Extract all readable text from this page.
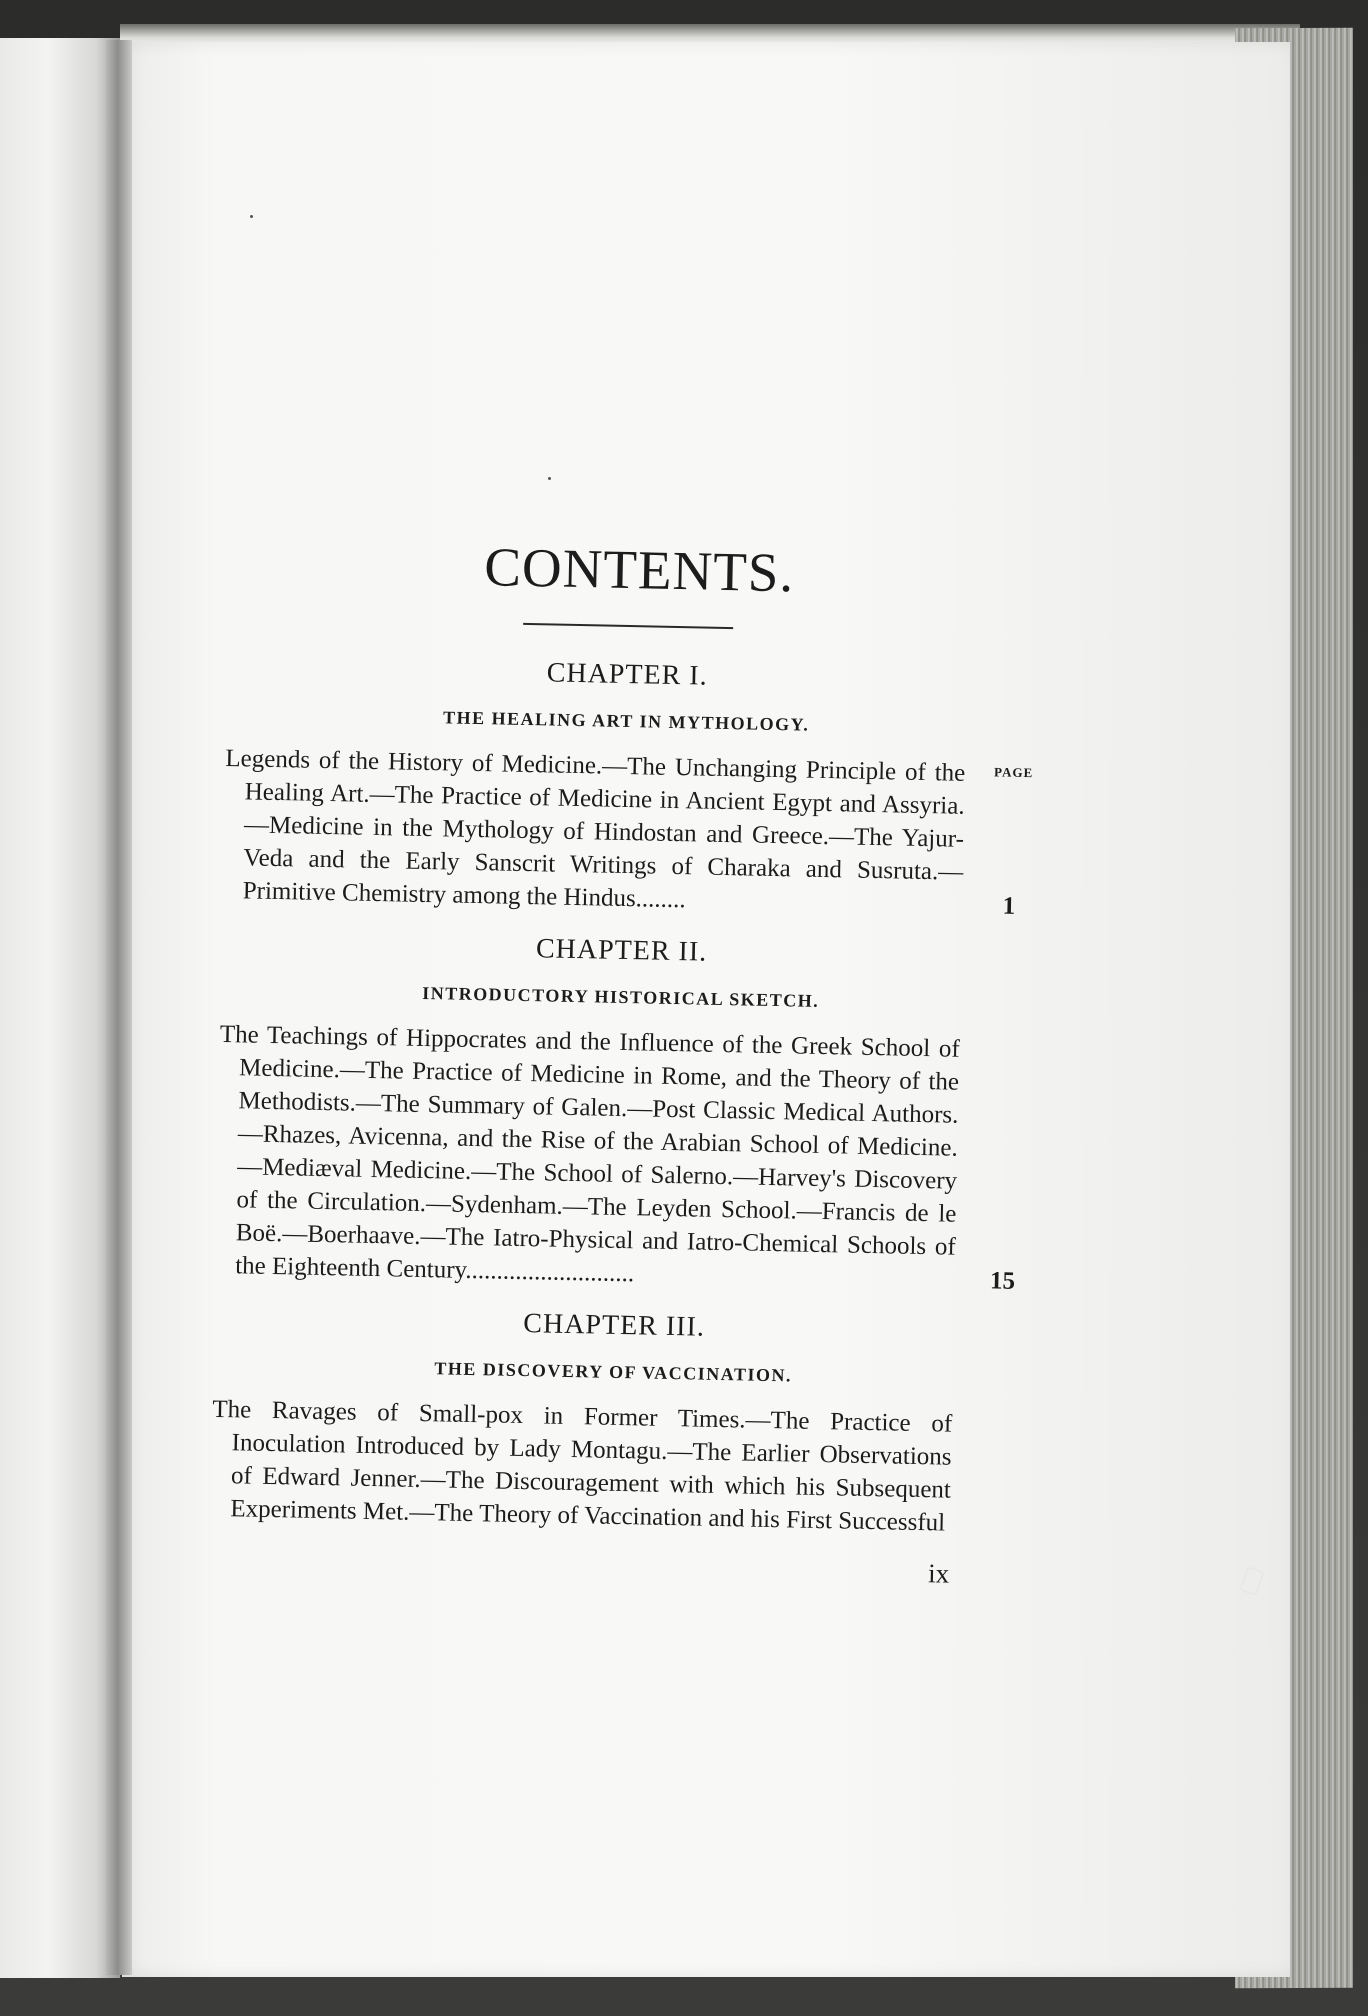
CONTENTS.
CHAPTER I.
THE HEALING ART IN MYTHOLOGY.
PAGE
Legends of the History of Medicine.—The Unchanging Principle of the Healing Art.—The Practice of Medicine in Ancient Egypt and Assyria.—Medicine in the Mythology of Hindostan and Greece.—The Yajur-Veda and the Early Sanscrit Writings of Charaka and Susruta.—Primitive Chemistry among the Hindus........	1
CHAPTER II.
INTRODUCTORY HISTORICAL SKETCH.
The Teachings of Hippocrates and the Influence of the Greek School of Medicine.—The Practice of Medicine in Rome, and the Theory of the Methodists.—The Summary of Galen.—Post Classic Medical Authors.—Rhazes, Avicenna, and the Rise of the Arabian School of Medicine.—Mediæval Medicine.—The School of Salerno.—Harvey's Discovery of the Circulation.—Sydenham.—The Leyden School.—Francis de le Boë.—Boerhaave.—The Iatro-Physical and Iatro-Chemical Schools of the Eighteenth Century...........................	15
CHAPTER III.
THE DISCOVERY OF VACCINATION.
The Ravages of Small-pox in Former Times.—The Practice of Inoculation Introduced by Lady Montagu.—The Earlier Observations of Edward Jenner.—The Discouragement with which his Subsequent Experiments Met.—The Theory of Vaccination and his First Successful
ix
